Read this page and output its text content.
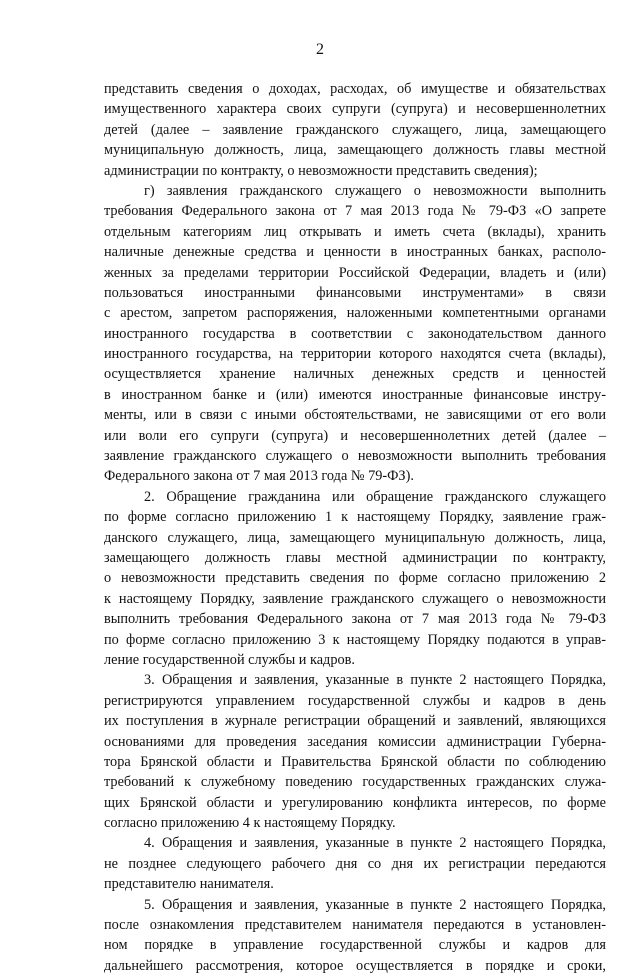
2
представить сведения о доходах, расходах, об имуществе и обязательствах
имущественного характера своих супруги (супруга) и несовершеннолетних
детей (далее – заявление гражданского служащего, лица, замещающего
муниципальную должность, лица, замещающего должность главы местной
администрации по контракту, о невозможности представить сведения);
г) заявления гражданского служащего о невозможности выполнить
требования Федерального закона от 7 мая 2013 года № 79-ФЗ «О запрете
отдельным категориям лиц открывать и иметь счета (вклады), хранить
наличные денежные средства и ценности в иностранных банках, располо-
женных за пределами территории Российской Федерации, владеть и (или)
пользоваться иностранными финансовыми инструментами» в связи
с арестом, запретом распоряжения, наложенными компетентными органами
иностранного государства в соответствии с законодательством данного
иностранного государства, на территории которого находятся счета (вклады),
осуществляется хранение наличных денежных средств и ценностей
в иностранном банке и (или) имеются иностранные финансовые инстру-
менты, или в связи с иными обстоятельствами, не зависящими от его воли
или воли его супруги (супруга) и несовершеннолетних детей (далее –
заявление гражданского служащего о невозможности выполнить требования
Федерального закона от 7 мая 2013 года № 79-ФЗ).
2. Обращение гражданина или обращение гражданского служащего
по форме согласно приложению 1 к настоящему Порядку, заявление граж-
данского служащего, лица, замещающего муниципальную должность, лица,
замещающего должность главы местной администрации по контракту,
о невозможности представить сведения по форме согласно приложению 2
к настоящему Порядку, заявление гражданского служащего о невозможности
выполнить требования Федерального закона от 7 мая 2013 года № 79-ФЗ
по форме согласно приложению 3 к настоящему Порядку подаются в управ-
ление государственной службы и кадров.
3. Обращения и заявления, указанные в пункте 2 настоящего Порядка,
регистрируются управлением государственной службы и кадров в день
их поступления в журнале регистрации обращений и заявлений, являющихся
основаниями для проведения заседания комиссии администрации Губерна-
тора Брянской области и Правительства Брянской области по соблюдению
требований к служебному поведению государственных гражданских служа-
щих Брянской области и урегулированию конфликта интересов, по форме
согласно приложению 4 к настоящему Порядку.
4. Обращения и заявления, указанные в пункте 2 настоящего Порядка,
не позднее следующего рабочего дня со дня их регистрации передаются
представителю нанимателя.
5. Обращения и заявления, указанные в пункте 2 настоящего Порядка,
после ознакомления представителем нанимателя передаются в установлен-
ном порядке в управление государственной службы и кадров для
дальнейшего рассмотрения, которое осуществляется в порядке и сроки,
